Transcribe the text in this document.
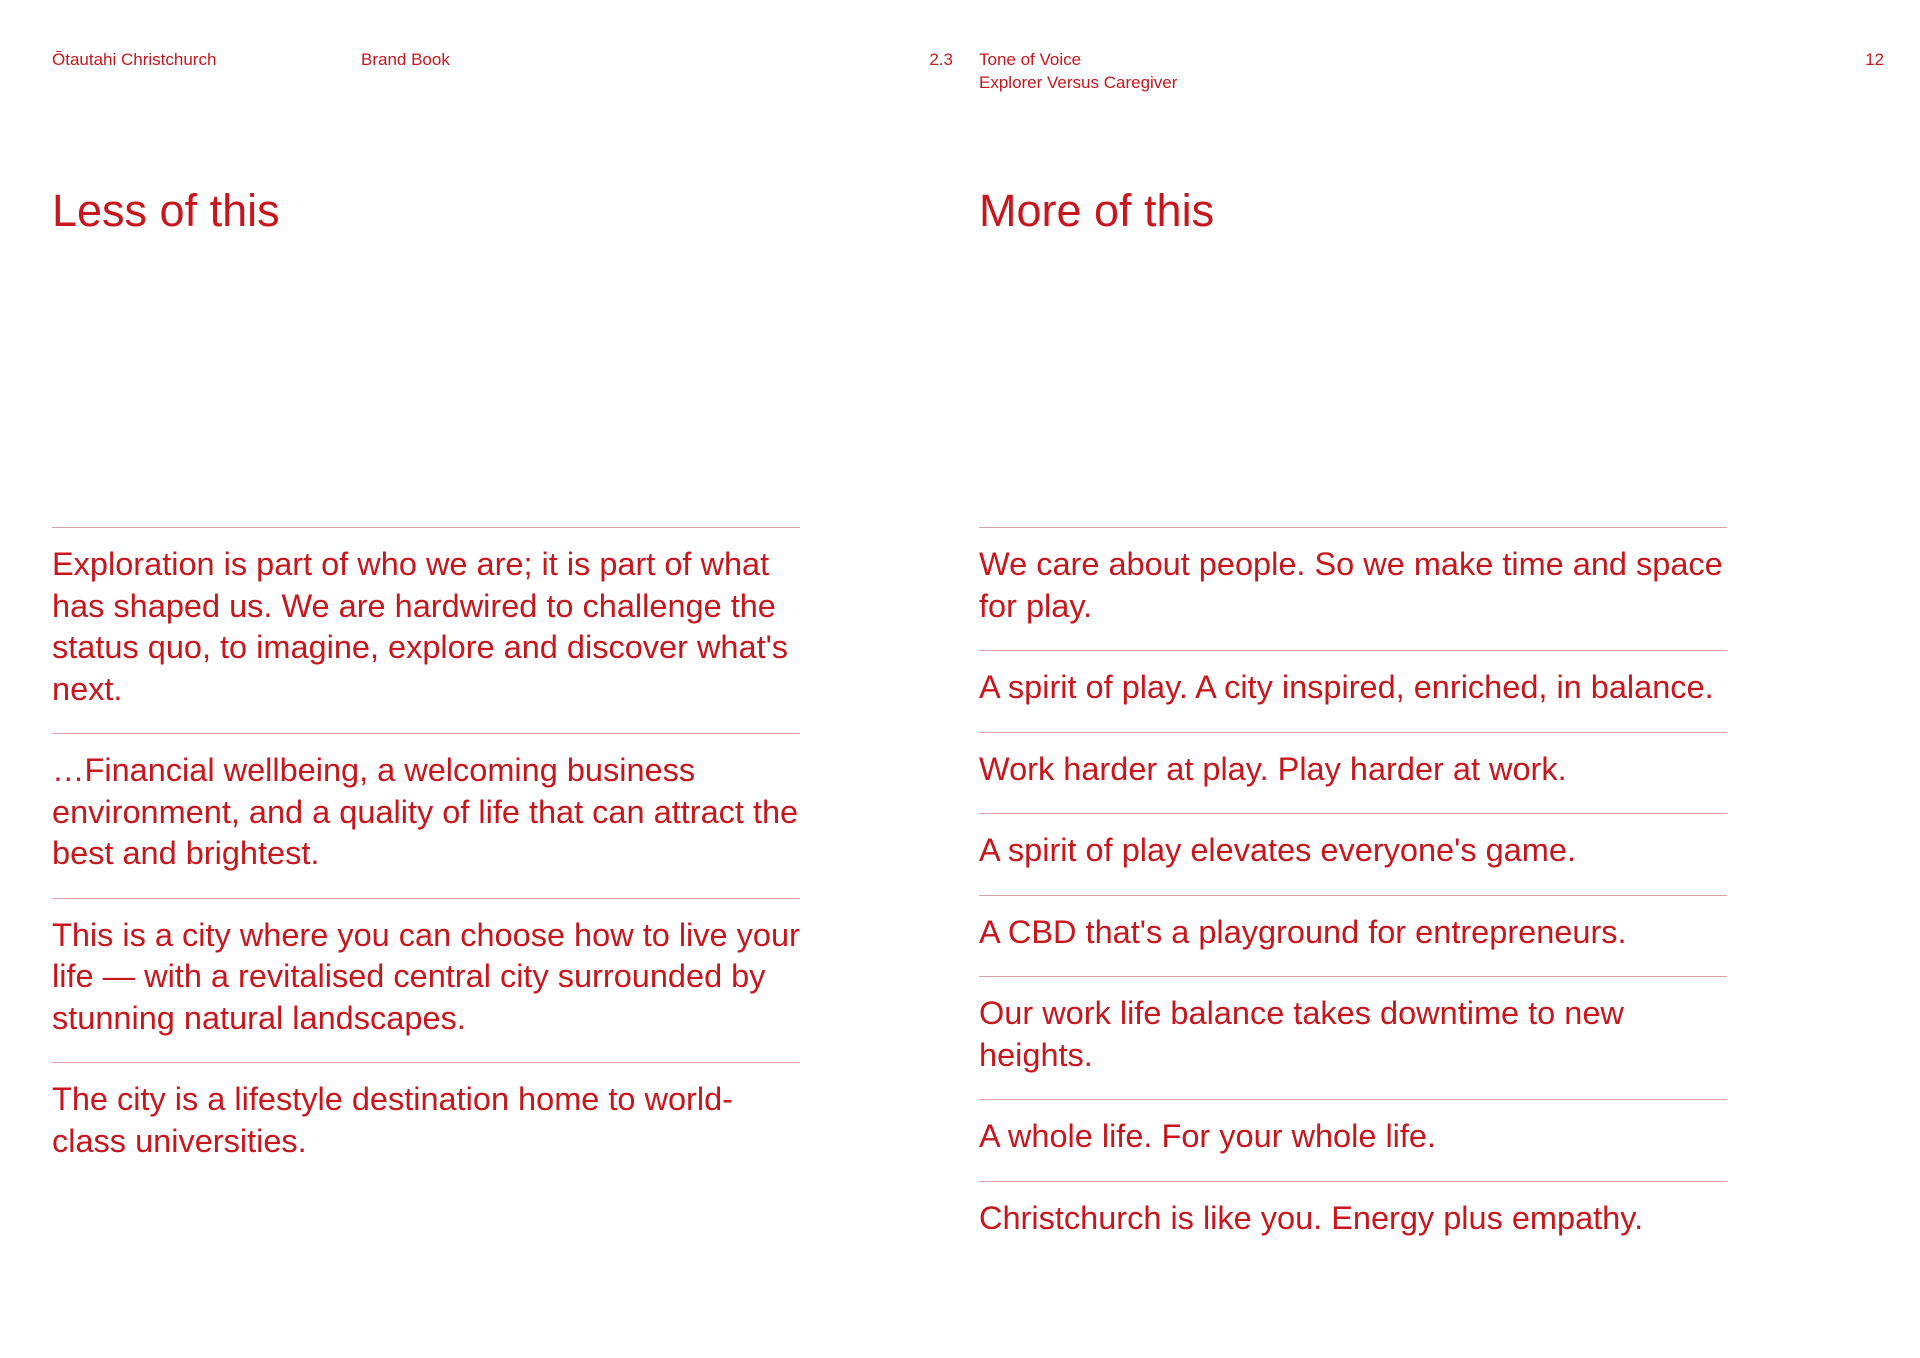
Ōtautahi Christchurch	Brand Book	2.3 Tone of Voice
Explorer Versus Caregiver
12
Less of this	More of this
Exploration is part of who we are; it is part of what has shaped us. We are hardwired to challenge the status quo, to imagine, explore and discover what's next.
…Financial wellbeing, a welcoming business environment, and a quality of life that can attract the best and brightest.
This is a city where you can choose how to live your life — with a revitalised central city surrounded by stunning natural landscapes.
The city is a lifestyle destination home to world-class universities.
We care about people. So we make time and space for play.
A spirit of play. A city inspired, enriched, in balance.
Work harder at play. Play harder at work.
A spirit of play elevates everyone's game.
A CBD that's a playground for entrepreneurs.
Our work life balance takes downtime to new heights.
A whole life. For your whole life.
Christchurch is like you. Energy plus empathy.
